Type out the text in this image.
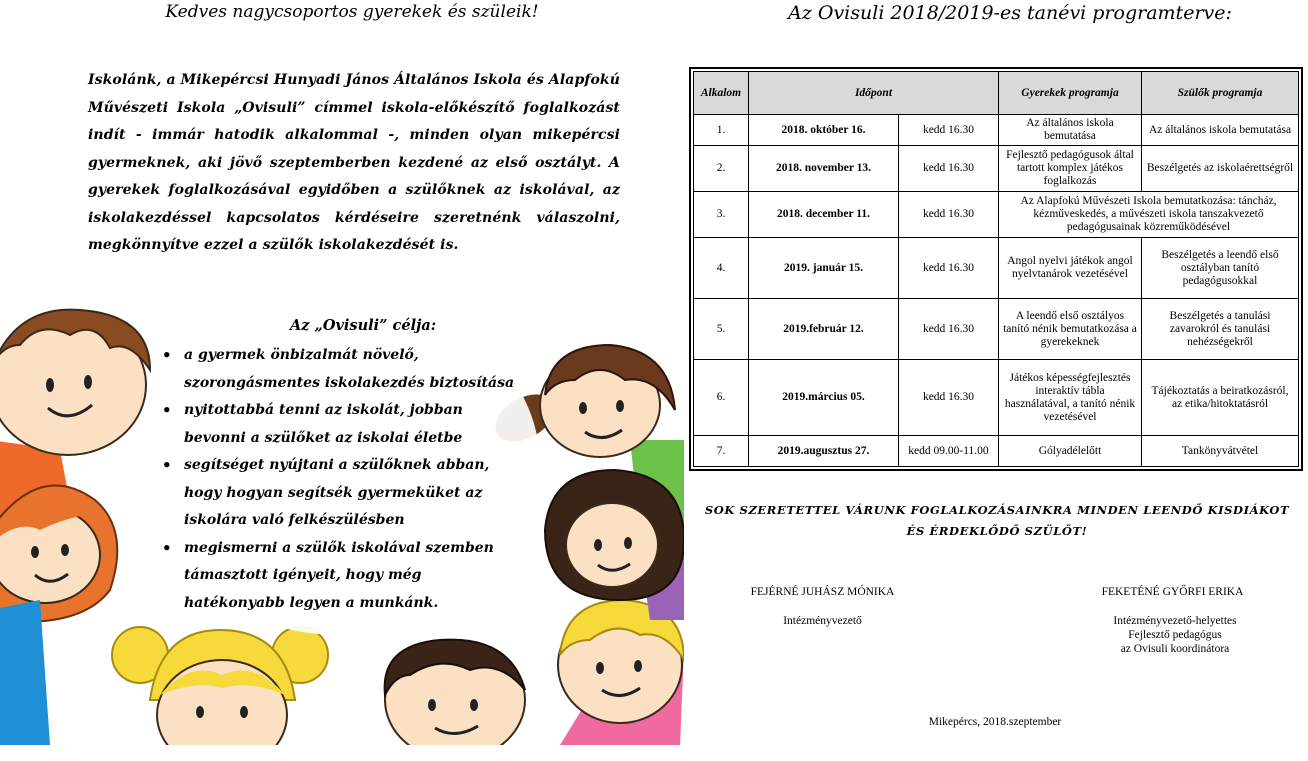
Kedves nagycsoportos gyerekek és szüleik!
Iskolánk, a Mikepércsi Hunyadi János Általános Iskola és Alapfokú Művészeti Iskola „Ovisuli” címmel iskola-előkészítő foglalkozást indít - immár hatodik alkalommal -, minden olyan mikepércsi gyermeknek, aki jövő szeptemberben kezdené az első osztályt. A gyerekek foglalkozásával egyidőben a szülőknek az iskolával, az iskolakezdéssel kapcsolatos kérdéseire szeretnénk válaszolni, megkönnyítve ezzel a szülők iskolakezdését is.
Az „Ovisuli” célja:
• a gyermek önbizalmát növelő, szorongásmentes iskolakezdés biztosítása
• nyitottabbá tenni az iskolát, jobban bevonni a szülőket az iskolai életbe
• segítséget nyújtani a szülőknek abban, hogy hogyan segítsék gyermeküket az iskolára való felkészülésben
• megismerni a szülők iskolával szemben támasztott igényeit, hogy még hatékonyabb legyen a munkánk.
Az Ovisuli 2018/2019-es tanévi programterve:
Alkalom	Időpont		Gyerekek programja	Szülők programja
1.	2018. október 16.	kedd 16.30	Az általános iskola bemutatása	Az általános iskola bemutatása
2.	2018. november 13.	kedd 16.30	Fejlesztő pedagógusok által tartott komplex játékos foglalkozás	Beszélgetés az iskolaérettségről
3.	2018. december 11.	kedd 16.30	Az Alapfokú Művészeti Iskola bemutatkozása: táncház, kézműveskedés, a művészeti iskola tanszakvezető pedagógusainak közreműködésével	
4.	2019. január 15.	kedd 16.30	Angol nyelvi játékok angol nyelvtanárok vezetésével	Beszélgetés a leendő első osztályban tanító pedagógusokkal
5.	2019.február 12.	kedd 16.30	A leendő első osztályos tanító nénik bemutatkozása a gyerekeknek	Beszélgetés a tanulási zavarokról és tanulási nehézségekről
6.	2019.március 05.	kedd 16.30	Játékos képességfejlesztés interaktív tábla használatával, a tanító nénik vezetésével	Tájékoztatás a beiratkozásról, az etika/hitoktatásról
7.	2019.augusztus 27.	kedd 09.00-11.00	Gólyadélelőtt	Tankönyvátvétel
SOK SZERETETTEL VÁRUNK FOGLALKOZÁSAINKRA MINDEN LEENDŐ KISDIÁKOT ÉS ÉRDEKLŐDŐ SZÜLŐT!
FEJÉRNÉ JUHÁSZ MÓNIKA
Intézményvezető
FEKETÉNÉ GYŐRFI ERIKA
Intézményvezető-helyettes
Fejlesztő pedagógus
az Ovisuli koordinátora
Mikepércs, 2018.szeptember
